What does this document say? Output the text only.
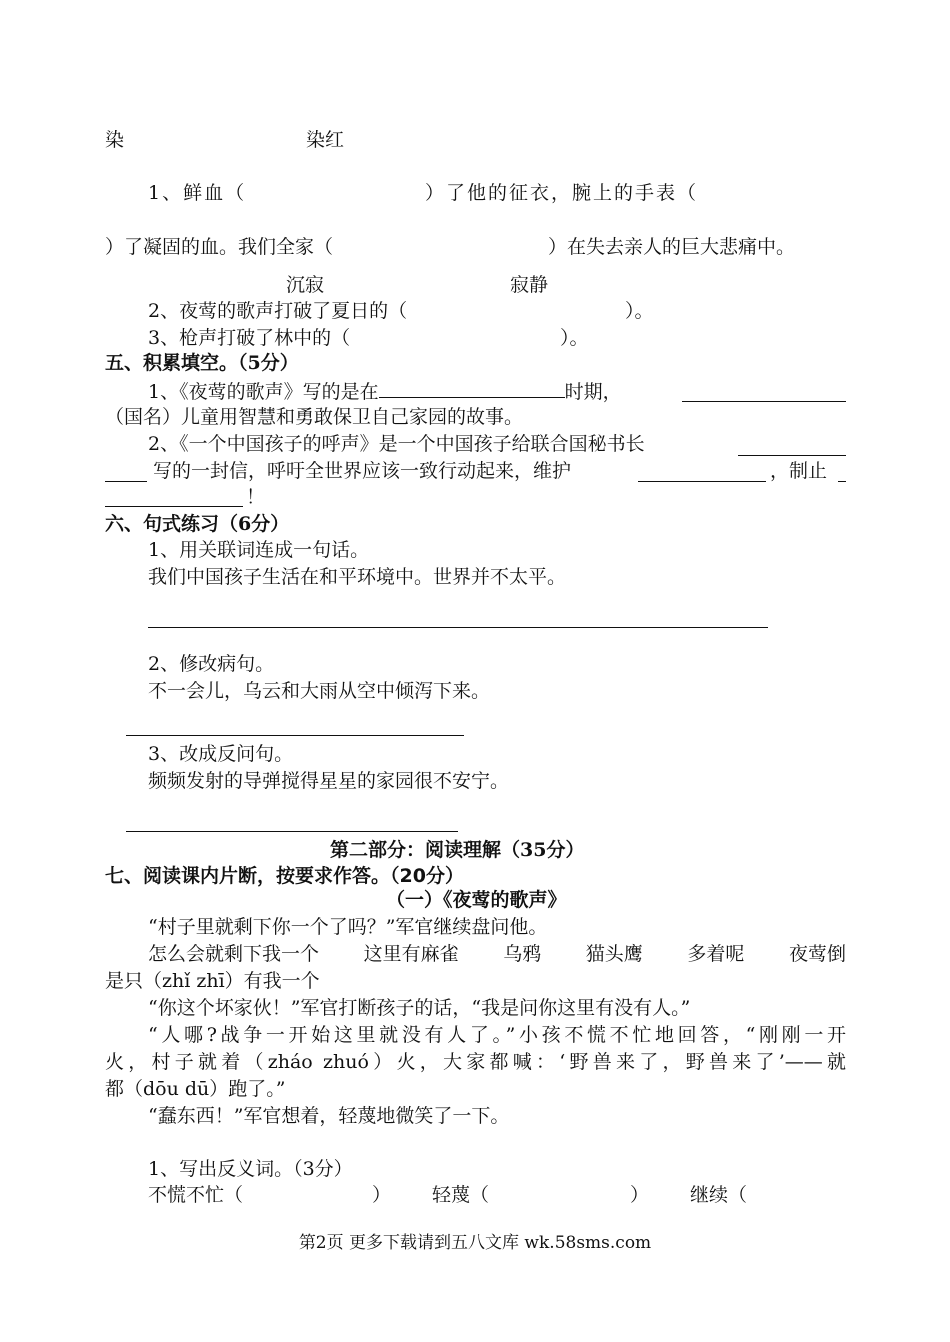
染	染红
1、鲜血（	）了他的征衣，腕上的手表（
）了凝固的血。我们全家（	）在失去亲人的巨大悲痛中。
沉寂	寂静
2、夜莺的歌声打破了夏日的（	）。
3、枪声打破了林中的（	）。
五、积累填空。（5分）
1、《夜莺的歌声》写的是在	时期，
（国名）儿童用智慧和勇敢保卫自己家园的故事。
2、《一个中国孩子的呼声》是一个中国孩子给联合国秘书长
写的一封信，呼吁全世界应该一致行动起来，维护	，制止
！
六、句式练习（6分）
1、用关联词连成一句话。
我们中国孩子生活在和平环境中。世界并不太平。
2、修改病句。
不一会儿，乌云和大雨从空中倾泻下来。
3、改成反问句。
频频发射的导弹搅得星星的家园很不安宁。
第二部分：阅读理解（35分）
七、阅读课内片断，按要求作答。（20分）
（一）《夜莺的歌声》
“村子里就剩下你一个了吗？”军官继续盘问他。
怎么会就剩下我一个 这里有麻雀 乌鸦 猫头鹰 多着呢 夜莺倒
是只（zhǐ zhī）有我一个
“你这个坏家伙！”军官打断孩子的话，“我是问你这里有没有人。”
“人哪?战争一开始这里就没有人了。”小孩不慌不忙地回答，“刚刚一开
火，村子就着（zháo zhuó）火，大家都喊：‘野兽来了，野兽来了’——就
都（dōu dū）跑了。”
“蠢东西！”军官想着，轻蔑地微笑了一下。
1、写出反义词。（3分）
不慌不忙（	） 轻蔑（	） 继续（
第2页 更多下载请到五八文库 wk.58sms.com
